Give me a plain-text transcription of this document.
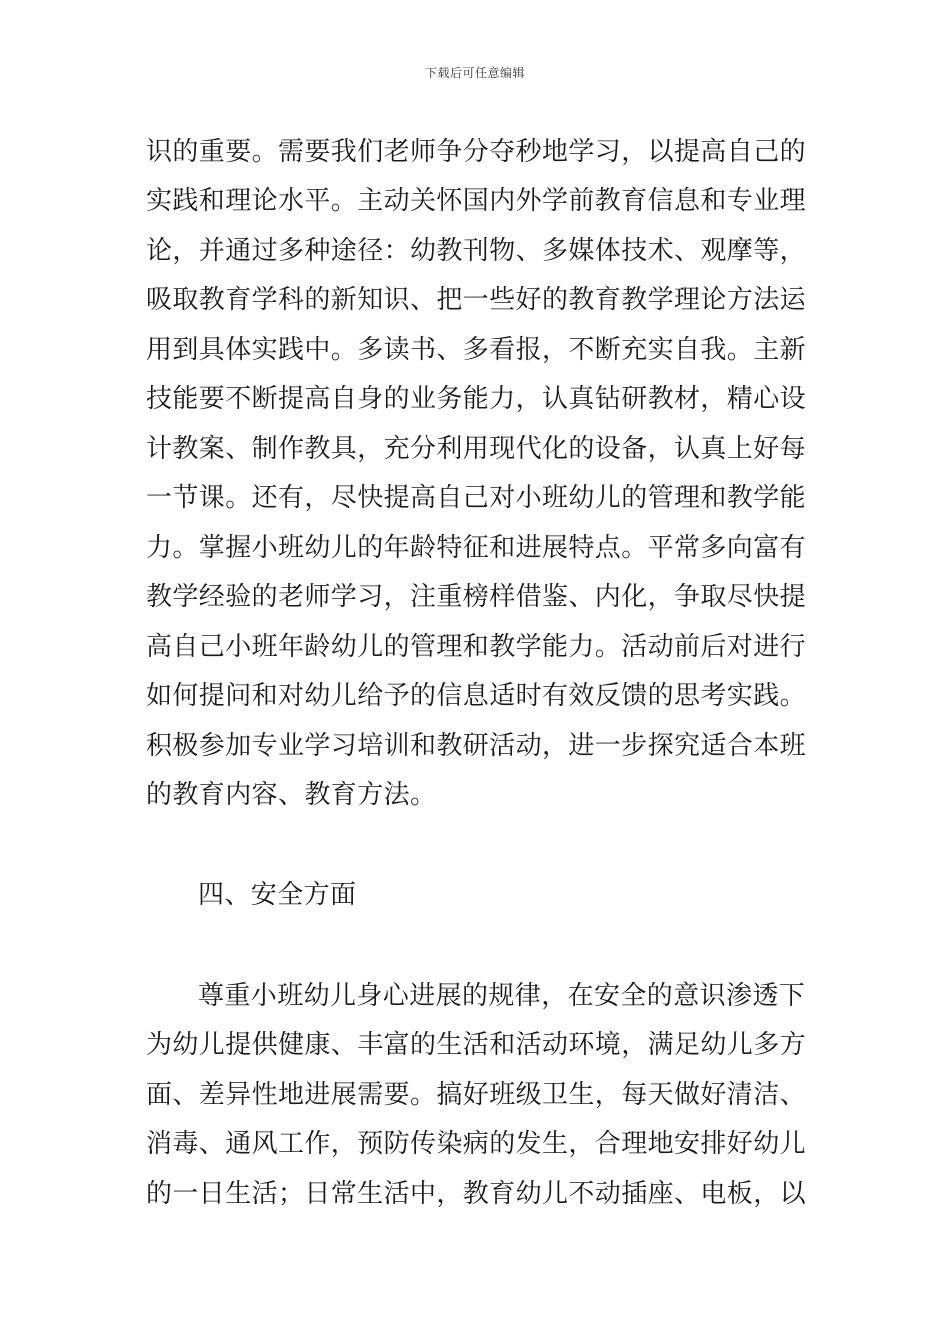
下载后可任意编辑
识的重要。需要我们老师争分夺秒地学习，以提高自己的
实践和理论水平。主动关怀国内外学前教育信息和专业理
论，并通过多种途径：幼教刊物、多媒体技术、观摩等，
吸取教育学科的新知识、把一些好的教育教学理论方法运
用到具体实践中。多读书、多看报，不断充实自我。主新
技能要不断提高自身的业务能力，认真钻研教材，精心设
计教案、制作教具，充分利用现代化的设备，认真上好每
一节课。还有，尽快提高自己对小班幼儿的管理和教学能
力。掌握小班幼儿的年龄特征和进展特点。平常多向富有
教学经验的老师学习，注重榜样借鉴、内化，争取尽快提
高自己小班年龄幼儿的管理和教学能力。活动前后对进行
如何提问和对幼儿给予的信息适时有效反馈的思考实践。
积极参加专业学习培训和教研活动，进一步探究适合本班
的教育内容、教育方法。
四、安全方面
尊重小班幼儿身心进展的规律，在安全的意识渗透下
为幼儿提供健康、丰富的生活和活动环境，满足幼儿多方
面、差异性地进展需要。搞好班级卫生，每天做好清洁、
消毒、通风工作，预防传染病的发生，合理地安排好幼儿
的一日生活；日常生活中，教育幼儿不动插座、电板，以
